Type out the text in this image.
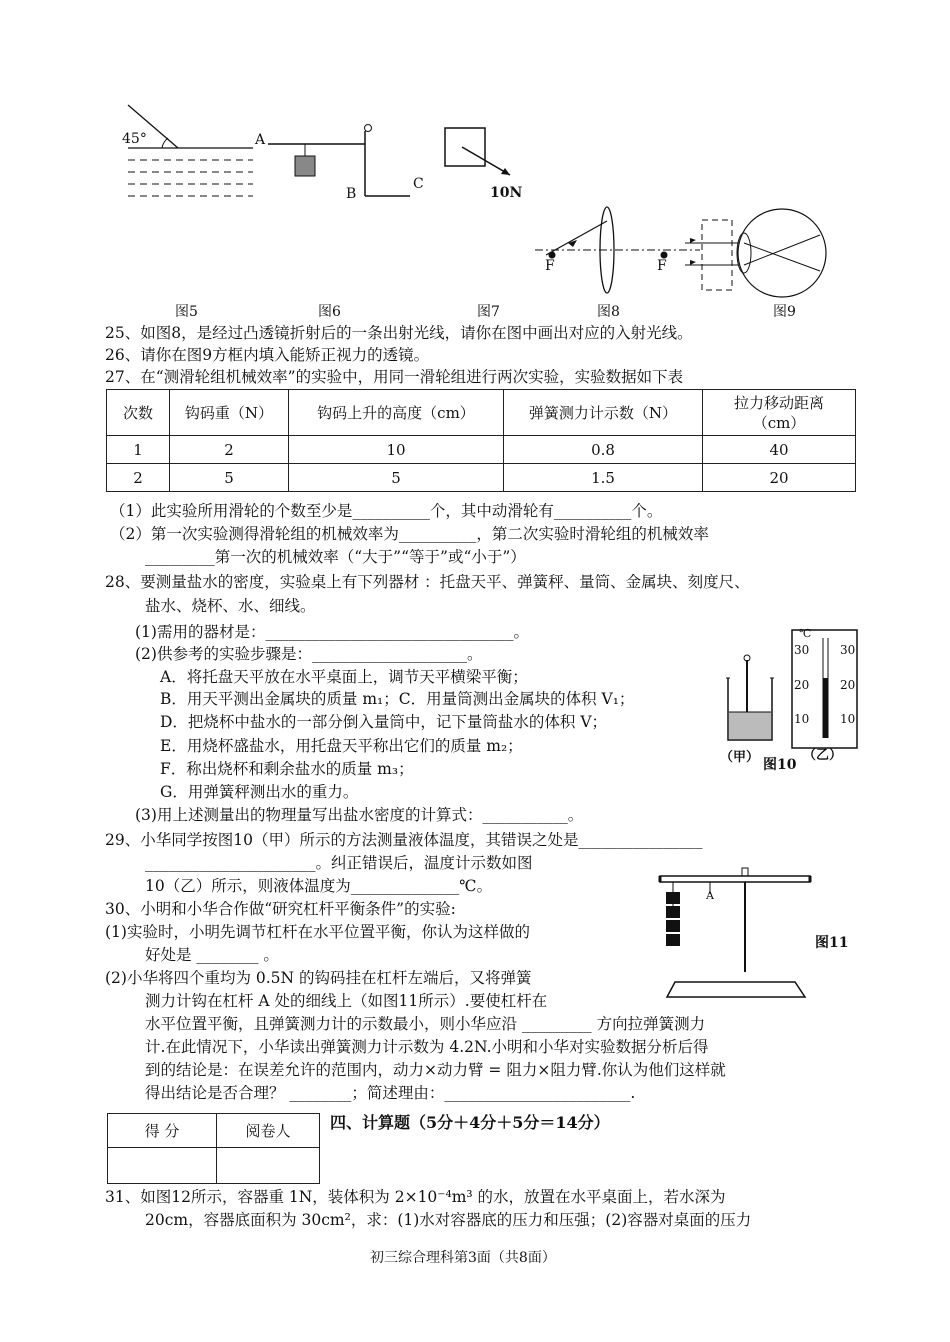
45°	A
B
C
10N
F	F
图5	图6	图7	图8	图9
25、如图8，是经过凸透镜折射后的一条出射光线，请你在图中画出对应的入射光线。
26、请你在图9方框内填入能矫正视力的透镜。
27、在“测滑轮组机械效率”的实验中，用同一滑轮组进行两次实验，实验数据如下表
次数	钩码重（N）	钩码上升的高度（cm）	弹簧测力计示数（N）	拉力移动距离（cm）
1	2	10	0.8	40
2	5	5	1.5	20
（1）此实验所用滑轮的个数至少是__________个，其中动滑轮有__________个。
（2）第一次实验测得滑轮组的机械效率为__________，第二次实验时滑轮组的机械效率
_________第一次的机械效率（“大于”“等于”或“小于”）
28、要测量盐水的密度，实验桌上有下列器材 ：托盘天平、弹簧秤、量筒、金属块、刻度尺、
盐水、烧杯、水、细线。
(1)需用的器材是：________________________________。
(2)供参考的实验步骤是：____________________。
A．将托盘天平放在水平桌面上，调节天平横梁平衡；
B．用天平测出金属块的质量 m₁；C．用量筒测出金属块的体积 V₁；
D．把烧杯中盐水的一部分倒入量筒中，记下量筒盐水的体积 V；
E．用烧杯盛盐水，用托盘天平称出它们的质量 m₂；
F．称出烧杯和剩余盐水的质量 m₃；
G．用弹簧秤测出水的重力。
(3)用上述测量出的物理量写出盐水密度的计算式：___________。
（甲） 图10
℃
30
20
10
30
20
10
（乙）
29、小华同学按图10（甲）所示的方法测量液体温度，其错误之处是________________
______________________。纠正错误后，温度计示数如图
10（乙）所示，则液体温度为______________℃。
A
图11
30、小明和小华合作做“研究杠杆平衡条件”的实验:
(1)实验时，小明先调节杠杆在水平位置平衡，你认为这样做的
好处是 ________ 。
(2)小华将四个重均为 0.5N 的钩码挂在杠杆左端后，又将弹簧
测力计钩在杠杆 A 处的细线上（如图11所示）.要使杠杆在
水平位置平衡，且弹簧测力计的示数最小，则小华应沿 _________ 方向拉弹簧测力
计.在此情况下，小华读出弹簧测力计示数为 4.2N.小明和小华对实验数据分析后得
到的结论是：在误差允许的范围内，动力×动力臂 = 阻力×阻力臂.你认为他们这样就
得出结论是否合理？ ________；简述理由：________________________.
得 分	阅卷人
	四、计算题（5分＋4分＋5分＝14分）
31、如图12所示，容器重 1N，装体积为 2×10⁻⁴m³ 的水，放置在水平桌面上，若水深为
20cm，容器底面积为 30cm²，求：(1)水对容器底的压力和压强；(2)容器对桌面的压力
初三综合理科第3面（共8面）
